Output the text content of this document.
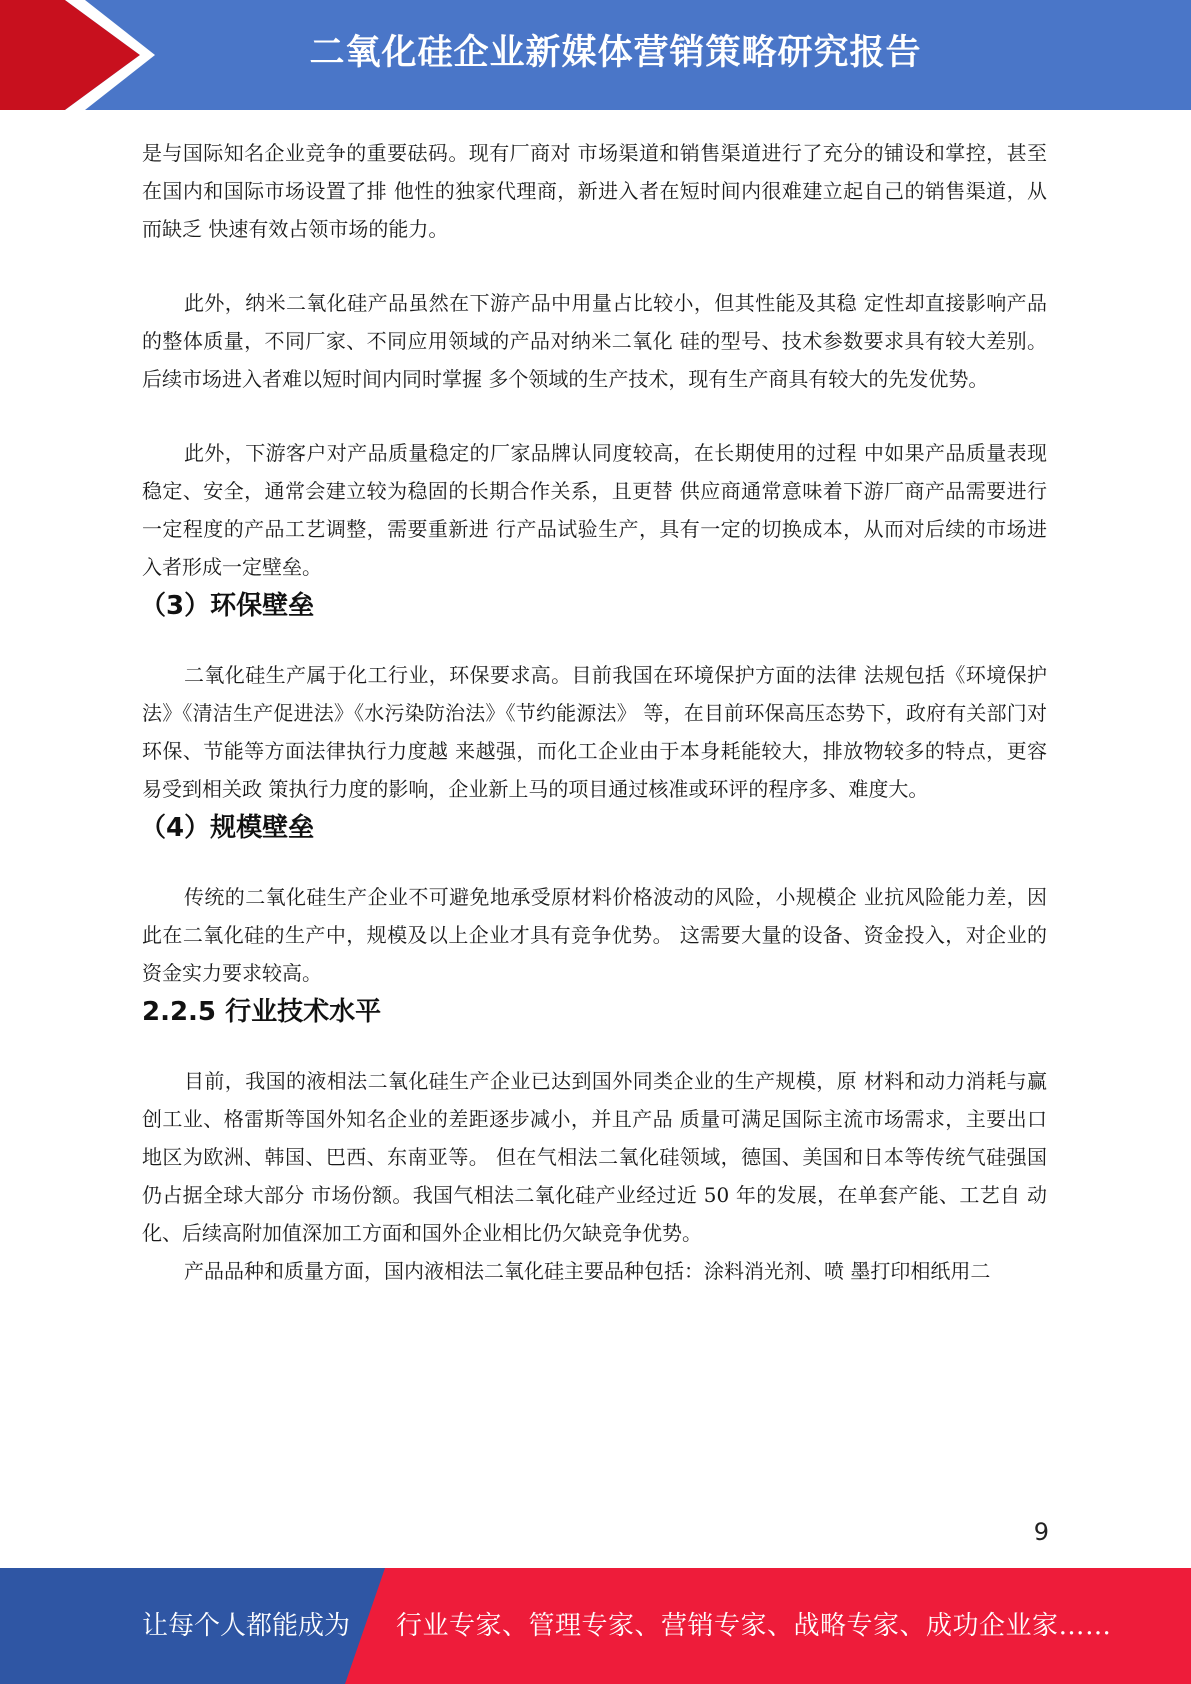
二氧化硅企业新媒体营销策略研究报告

是与国际知名企业竞争的重要砝码。现有厂商对 市场渠道和销售渠道进行了充分的铺设和掌控，甚至在国内和国际市场设置了排 他性的独家代理商，新进入者在短时间内很难建立起自己的销售渠道，从而缺乏 快速有效占领市场的能力。

此外，纳米二氧化硅产品虽然在下游产品中用量占比较小，但其性能及其稳 定性却直接影响产品的整体质量，不同厂家、不同应用领域的产品对纳米二氧化 硅的型号、技术参数要求具有较大差别。后续市场进入者难以短时间内同时掌握 多个领域的生产技术，现有生产商具有较大的先发优势。

此外，下游客户对产品质量稳定的厂家品牌认同度较高，在长期使用的过程 中如果产品质量表现稳定、安全，通常会建立较为稳固的长期合作关系，且更替 供应商通常意味着下游厂商产品需要进行一定程度的产品工艺调整，需要重新进 行产品试验生产，具有一定的切换成本，从而对后续的市场进入者形成一定壁垒。

（3）环保壁垒

二氧化硅生产属于化工行业，环保要求高。目前我国在环境保护方面的法律 法规包括《环境保护法》《清洁生产促进法》《水污染防治法》《节约能源法》 等，在目前环保高压态势下，政府有关部门对环保、节能等方面法律执行力度越 来越强，而化工企业由于本身耗能较大，排放物较多的特点，更容易受到相关政 策执行力度的影响，企业新上马的项目通过核准或环评的程序多、难度大。

（4）规模壁垒

传统的二氧化硅生产企业不可避免地承受原材料价格波动的风险，小规模企 业抗风险能力差，因此在二氧化硅的生产中，规模及以上企业才具有竞争优势。 这需要大量的设备、资金投入，对企业的资金实力要求较高。

2.2.5 行业技术水平

目前，我国的液相法二氧化硅生产企业已达到国外同类企业的生产规模，原 材料和动力消耗与赢创工业、格雷斯等国外知名企业的差距逐步减小，并且产品 质量可满足国际主流市场需求，主要出口地区为欧洲、韩国、巴西、东南亚等。 但在气相法二氧化硅领域，德国、美国和日本等传统气硅强国仍占据全球大部分 市场份额。我国气相法二氧化硅产业经过近 50 年的发展，在单套产能、工艺自 动化、后续高附加值深加工方面和国外企业相比仍欠缺竞争优势。

产品品种和质量方面，国内液相法二氧化硅主要品种包括：涂料消光剂、喷 墨打印相纸用二

9
让每个人都能成为 行业专家、管理专家、营销专家、战略专家、成功企业家……
